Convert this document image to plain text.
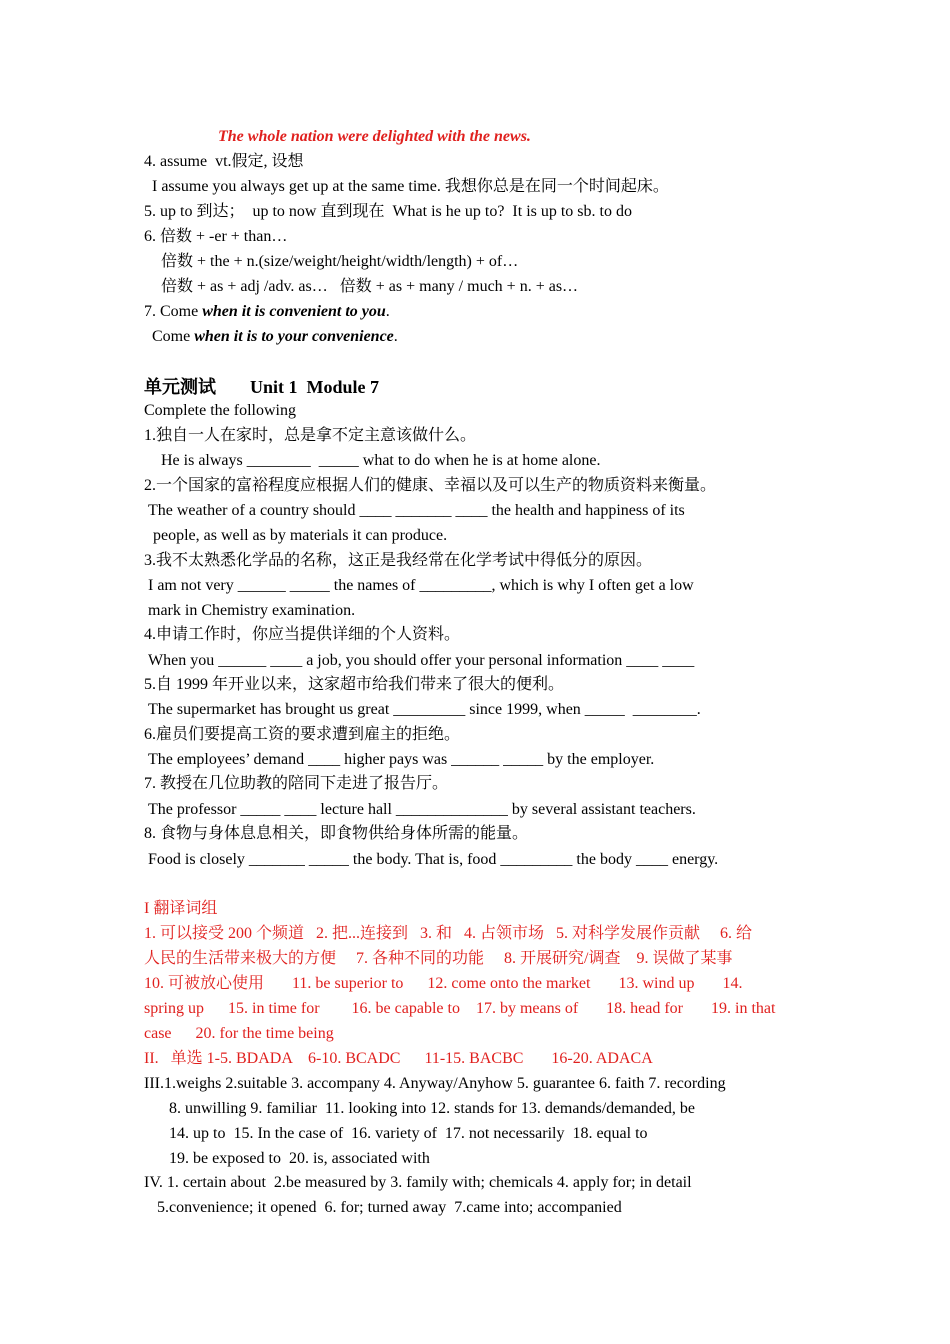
The whole nation were delighted with the news.
4. assume  vt.假定, 设想
I assume you always get up at the same time. 我想你总是在同一个时间起床。
5. up to 到达；  up to now 直到现在  What is he up to?  It is up to sb. to do
6. 倍数 + -er + than…
倍数 + the + n.(size/weight/height/width/length) + of…
倍数 + as + adj /adv. as…   倍数 + as + many / much + n. + as…
7. Come when it is convenient to you.
Come when it is to your convenience.
单元测试 Unit 1  Module 7
Complete the following
1.独自一人在家时，总是拿不定主意该做什么。
He is always ________  _____ what to do when he is at home alone.
2.一个国家的富裕程度应根据人们的健康、幸福以及可以生产的物质资料来衡量。
The weather of a country should ____ _______ ____ the health and happiness of its
people, as well as by materials it can produce.
3.我不太熟悉化学品的名称，这正是我经常在化学考试中得低分的原因。
I am not very ______ _____ the names of _________, which is why I often get a low
mark in Chemistry examination.
4.申请工作时，你应当提供详细的个人资料。
When you ______ ____ a job, you should offer your personal information ____ ____
5.自 1999 年开业以来，这家超市给我们带来了很大的便利。
The supermarket has brought us great _________ since 1999, when _____  ________.
6.雇员们要提高工资的要求遭到雇主的拒绝。
The employees’ demand ____ higher pays was ______ _____ by the employer.
7. 教授在几位助教的陪同下走进了报告厅。
The professor _____ ____ lecture hall ______________ by several assistant teachers.
8. 食物与身体息息相关，即食物供给身体所需的能量。
Food is closely _______ _____ the body. That is, food _________ the body ____ energy.
I 翻译词组
1. 可以接受 200 个频道   2. 把...连接到   3. 和   4. 占领市场   5. 对科学发展作贡献     6. 给
人民的生活带来极大的方便     7. 各种不同的功能     8. 开展研究/调查    9. 误做了某事
10. 可被放心使用       11. be superior to      12. come onto the market       13. wind up       14.
spring up      15. in time for        16. be capable to    17. by means of       18. head for       19. in that
case      20. for the time being
II.   单选 1-5. BDADA    6-10. BCADC      11-15. BACBC       16-20. ADACA
III.1.weighs 2.suitable 3. accompany 4. Anyway/Anyhow 5. guarantee 6. faith 7. recording
8. unwilling 9. familiar  11. looking into 12. stands for 13. demands/demanded, be
14. up to  15. In the case of  16. variety of  17. not necessarily  18. equal to
19. be exposed to  20. is, associated with
IV. 1. certain about  2.be measured by 3. family with; chemicals 4. apply for; in detail
5.convenience; it opened  6. for; turned away  7.came into; accompanied
